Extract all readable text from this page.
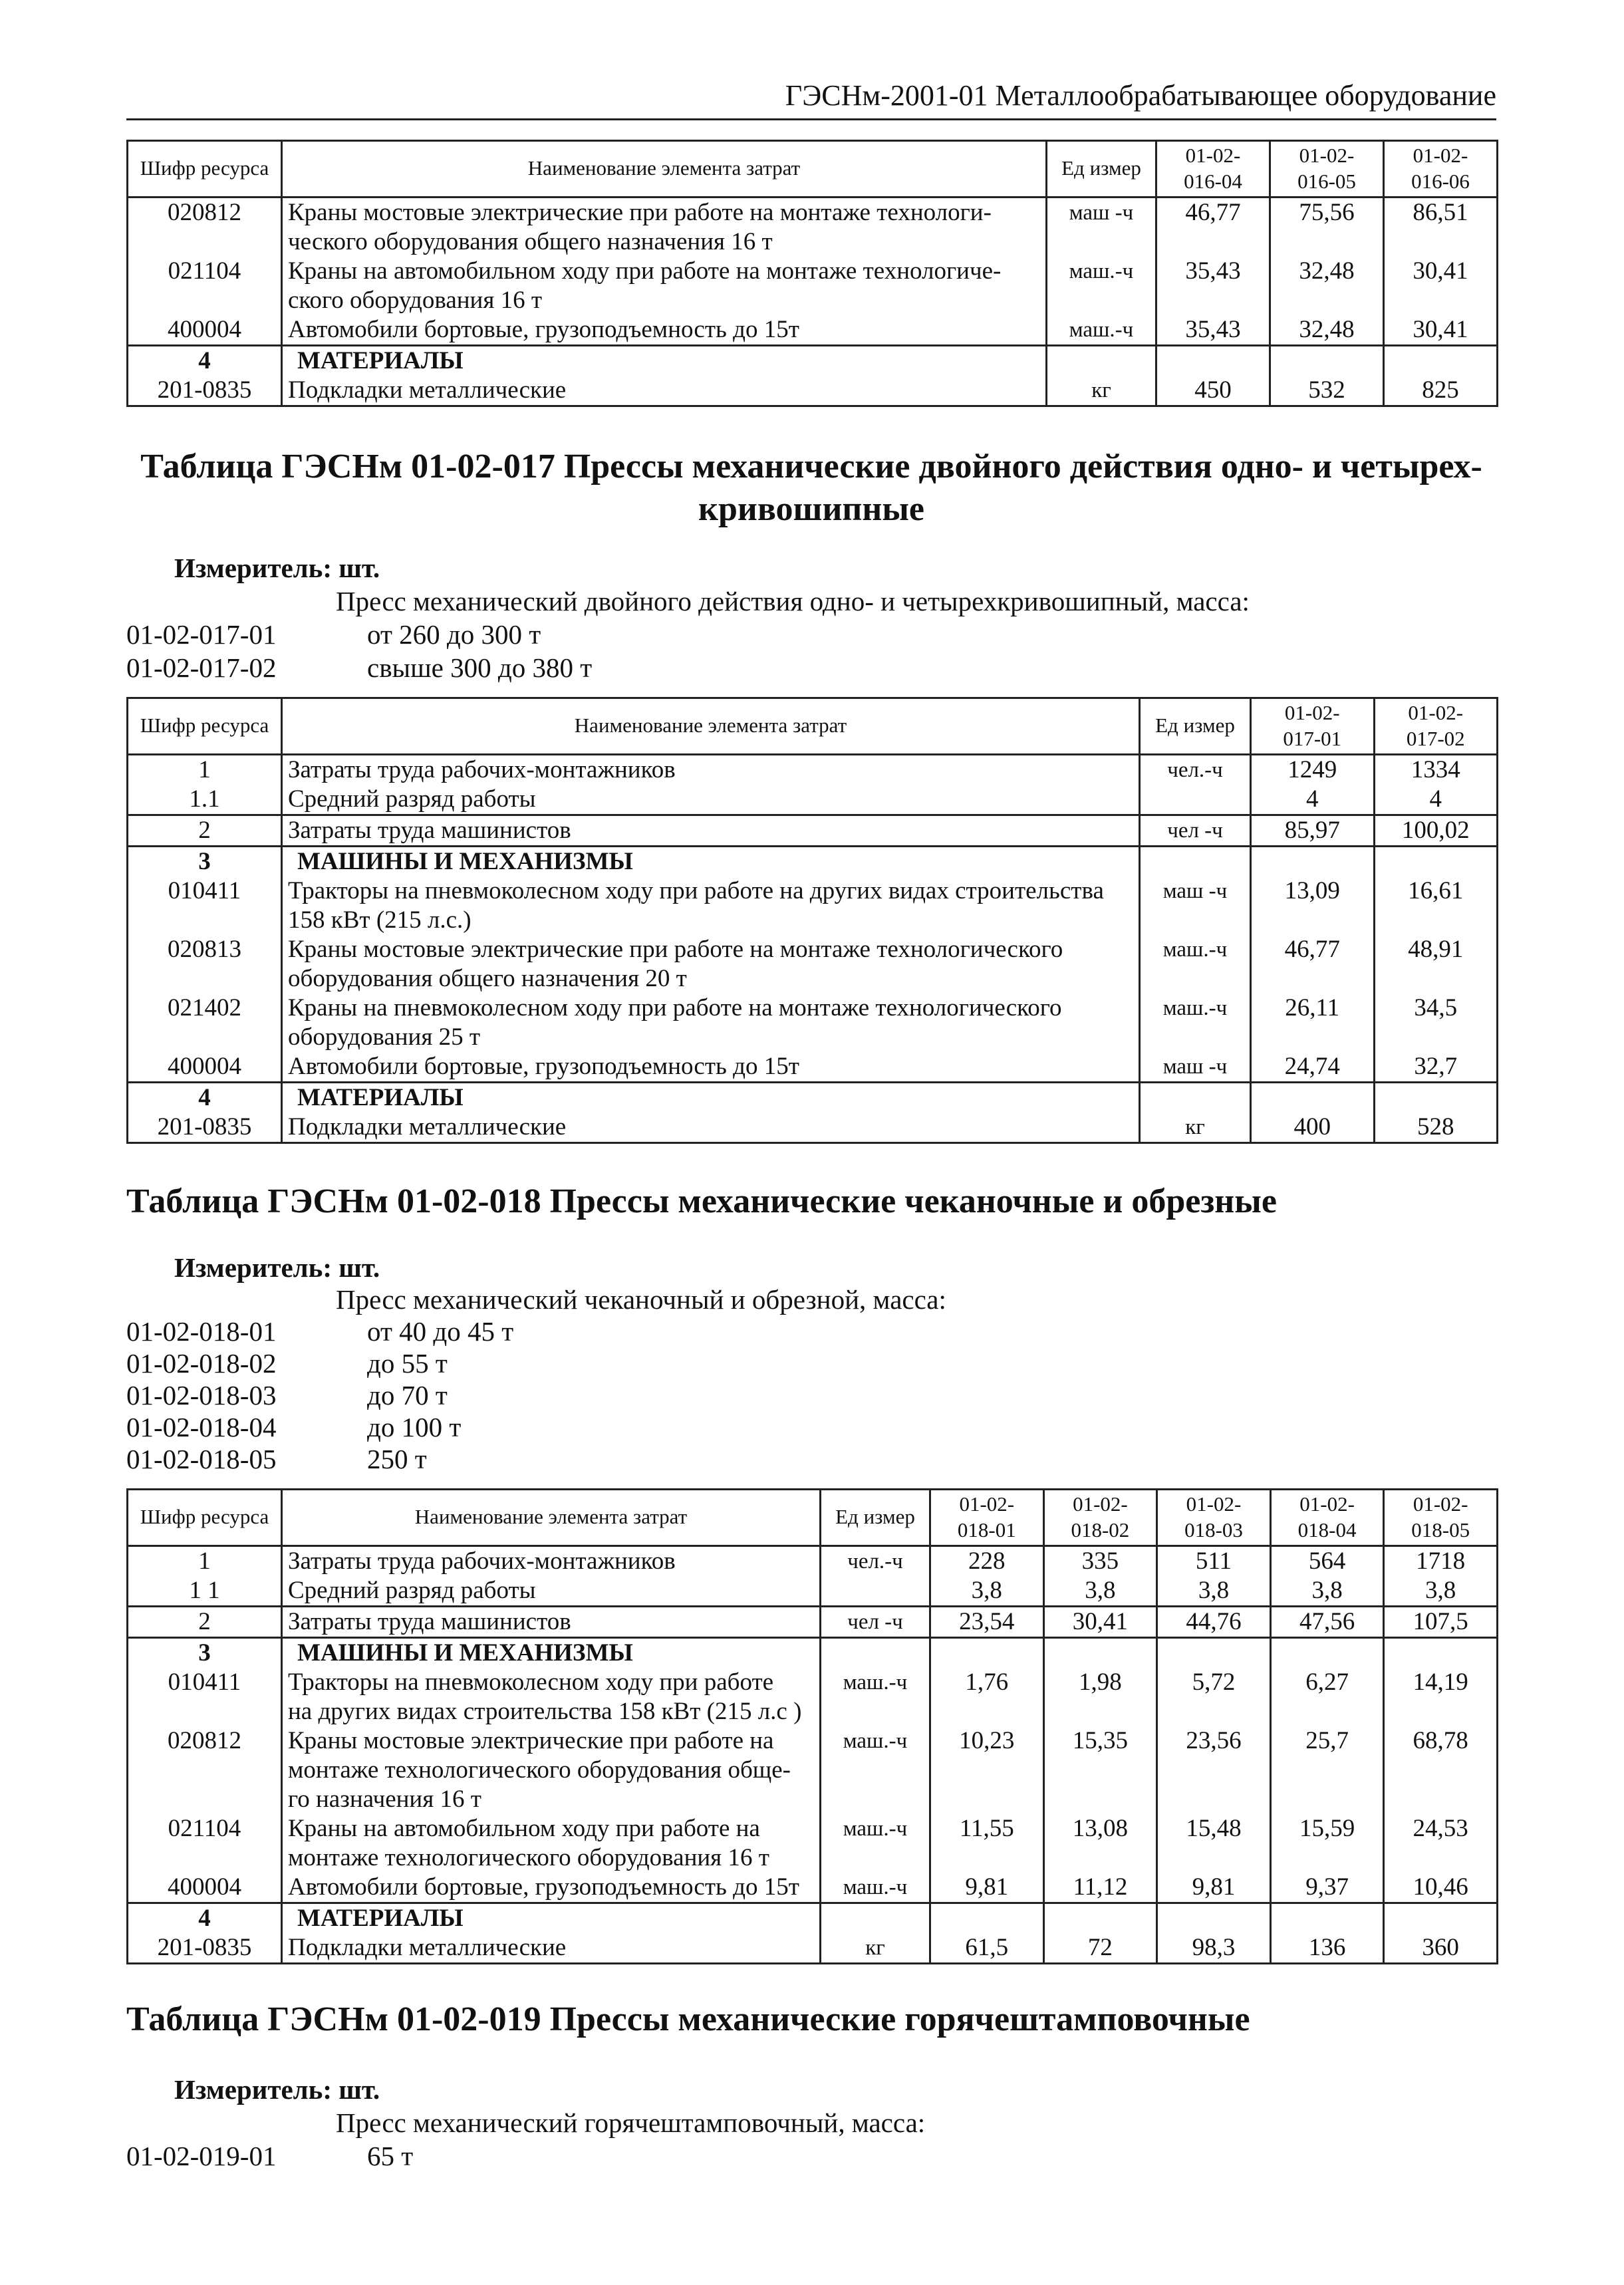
ГЭСНм-2001-01 Металлообрабатывающее оборудование
Шифр ресурса	Наименование элемента затрат	Ед измер	01-02-
016-04	01-02-
016-05	01-02-
016-06
020812	Краны мостовые электрические при работе на монтаже технологи-
ческого оборудования общего назначения 16 т	маш -ч	46,77	75,56	86,51
021104	Краны на автомобильном ходу при работе на монтаже технологиче-
ского оборудования 16 т	маш.-ч	35,43	32,48	30,41
400004	Автомобили бортовые, грузоподъемность до 15т	маш.-ч	35,43	32,48	30,41
4	МАТЕРИАЛЫ				
201-0835	Подкладки металлические	кг	450	532	825
Таблица ГЭСНм 01-02-017 Прессы механические двойного действия одно- и четырех-
кривошипные
Измеритель: шт.
Пресс механический двойного действия одно- и четырехкривошипный, масса:
01-02-017-01	от 260 до 300 т
01-02-017-02	свыше 300 до 380 т
Шифр ресурса	Наименование элемента затрат	Ед измер	01-02-
017-01	01-02-
017-02
1	Затраты труда рабочих-монтажников	чел.-ч	1249	1334
1.1	Средний разряд работы		4	4
2	Затраты труда машинистов	чел -ч	85,97	100,02
3	МАШИНЫ И МЕХАНИЗМЫ			
010411	Тракторы на пневмоколесном ходу при работе на других видах строительства
158 кВт (215 л.с.)	маш -ч	13,09	16,61
020813	Краны мостовые электрические при работе на монтаже технологического
оборудования общего назначения 20 т	маш.-ч	46,77	48,91
021402	Краны на пневмоколесном ходу при работе на монтаже технологического
оборудования 25 т	маш.-ч	26,11	34,5
400004	Автомобили бортовые, грузоподъемность до 15т	маш -ч	24,74	32,7
4	МАТЕРИАЛЫ			
201-0835	Подкладки металлические	кг	400	528
Таблица ГЭСНм 01-02-018 Прессы механические чеканочные и обрезные
Измеритель: шт.
Пресс механический чеканочный и обрезной, масса:
01-02-018-01	от 40 до 45 т
01-02-018-02	до 55 т
01-02-018-03	до 70 т
01-02-018-04	до 100 т
01-02-018-05	250 т
Шифр ресурса	Наименование элемента затрат	Ед измер	01-02-
018-01	01-02-
018-02	01-02-
018-03	01-02-
018-04	01-02-
018-05
1	Затраты труда рабочих-монтажников	чел.-ч	228	335	511	564	1718
1 1	Средний разряд работы		3,8	3,8	3,8	3,8	3,8
2	Затраты труда машинистов	чел -ч	23,54	30,41	44,76	47,56	107,5
3	МАШИНЫ И МЕХАНИЗМЫ						
010411	Тракторы на пневмоколесном ходу при работе
на других видах строительства 158 кВт (215 л.с )	маш.-ч	1,76	1,98	5,72	6,27	14,19
020812	Краны мостовые электрические при работе на
монтаже технологического оборудования обще-
го назначения 16 т	маш.-ч	10,23	15,35	23,56	25,7	68,78
021104	Краны на автомобильном ходу при работе на
монтаже технологического оборудования 16 т	маш.-ч	11,55	13,08	15,48	15,59	24,53
400004	Автомобили бортовые, грузоподъемность до 15т	маш.-ч	9,81	11,12	9,81	9,37	10,46
4	МАТЕРИАЛЫ						
201-0835	Подкладки металлические	кг	61,5	72	98,3	136	360
Таблица ГЭСНм 01-02-019 Прессы механические горячештамповочные
Измеритель: шт.
Пресс механический горячештамповочный, масса:
01-02-019-01	65 т
